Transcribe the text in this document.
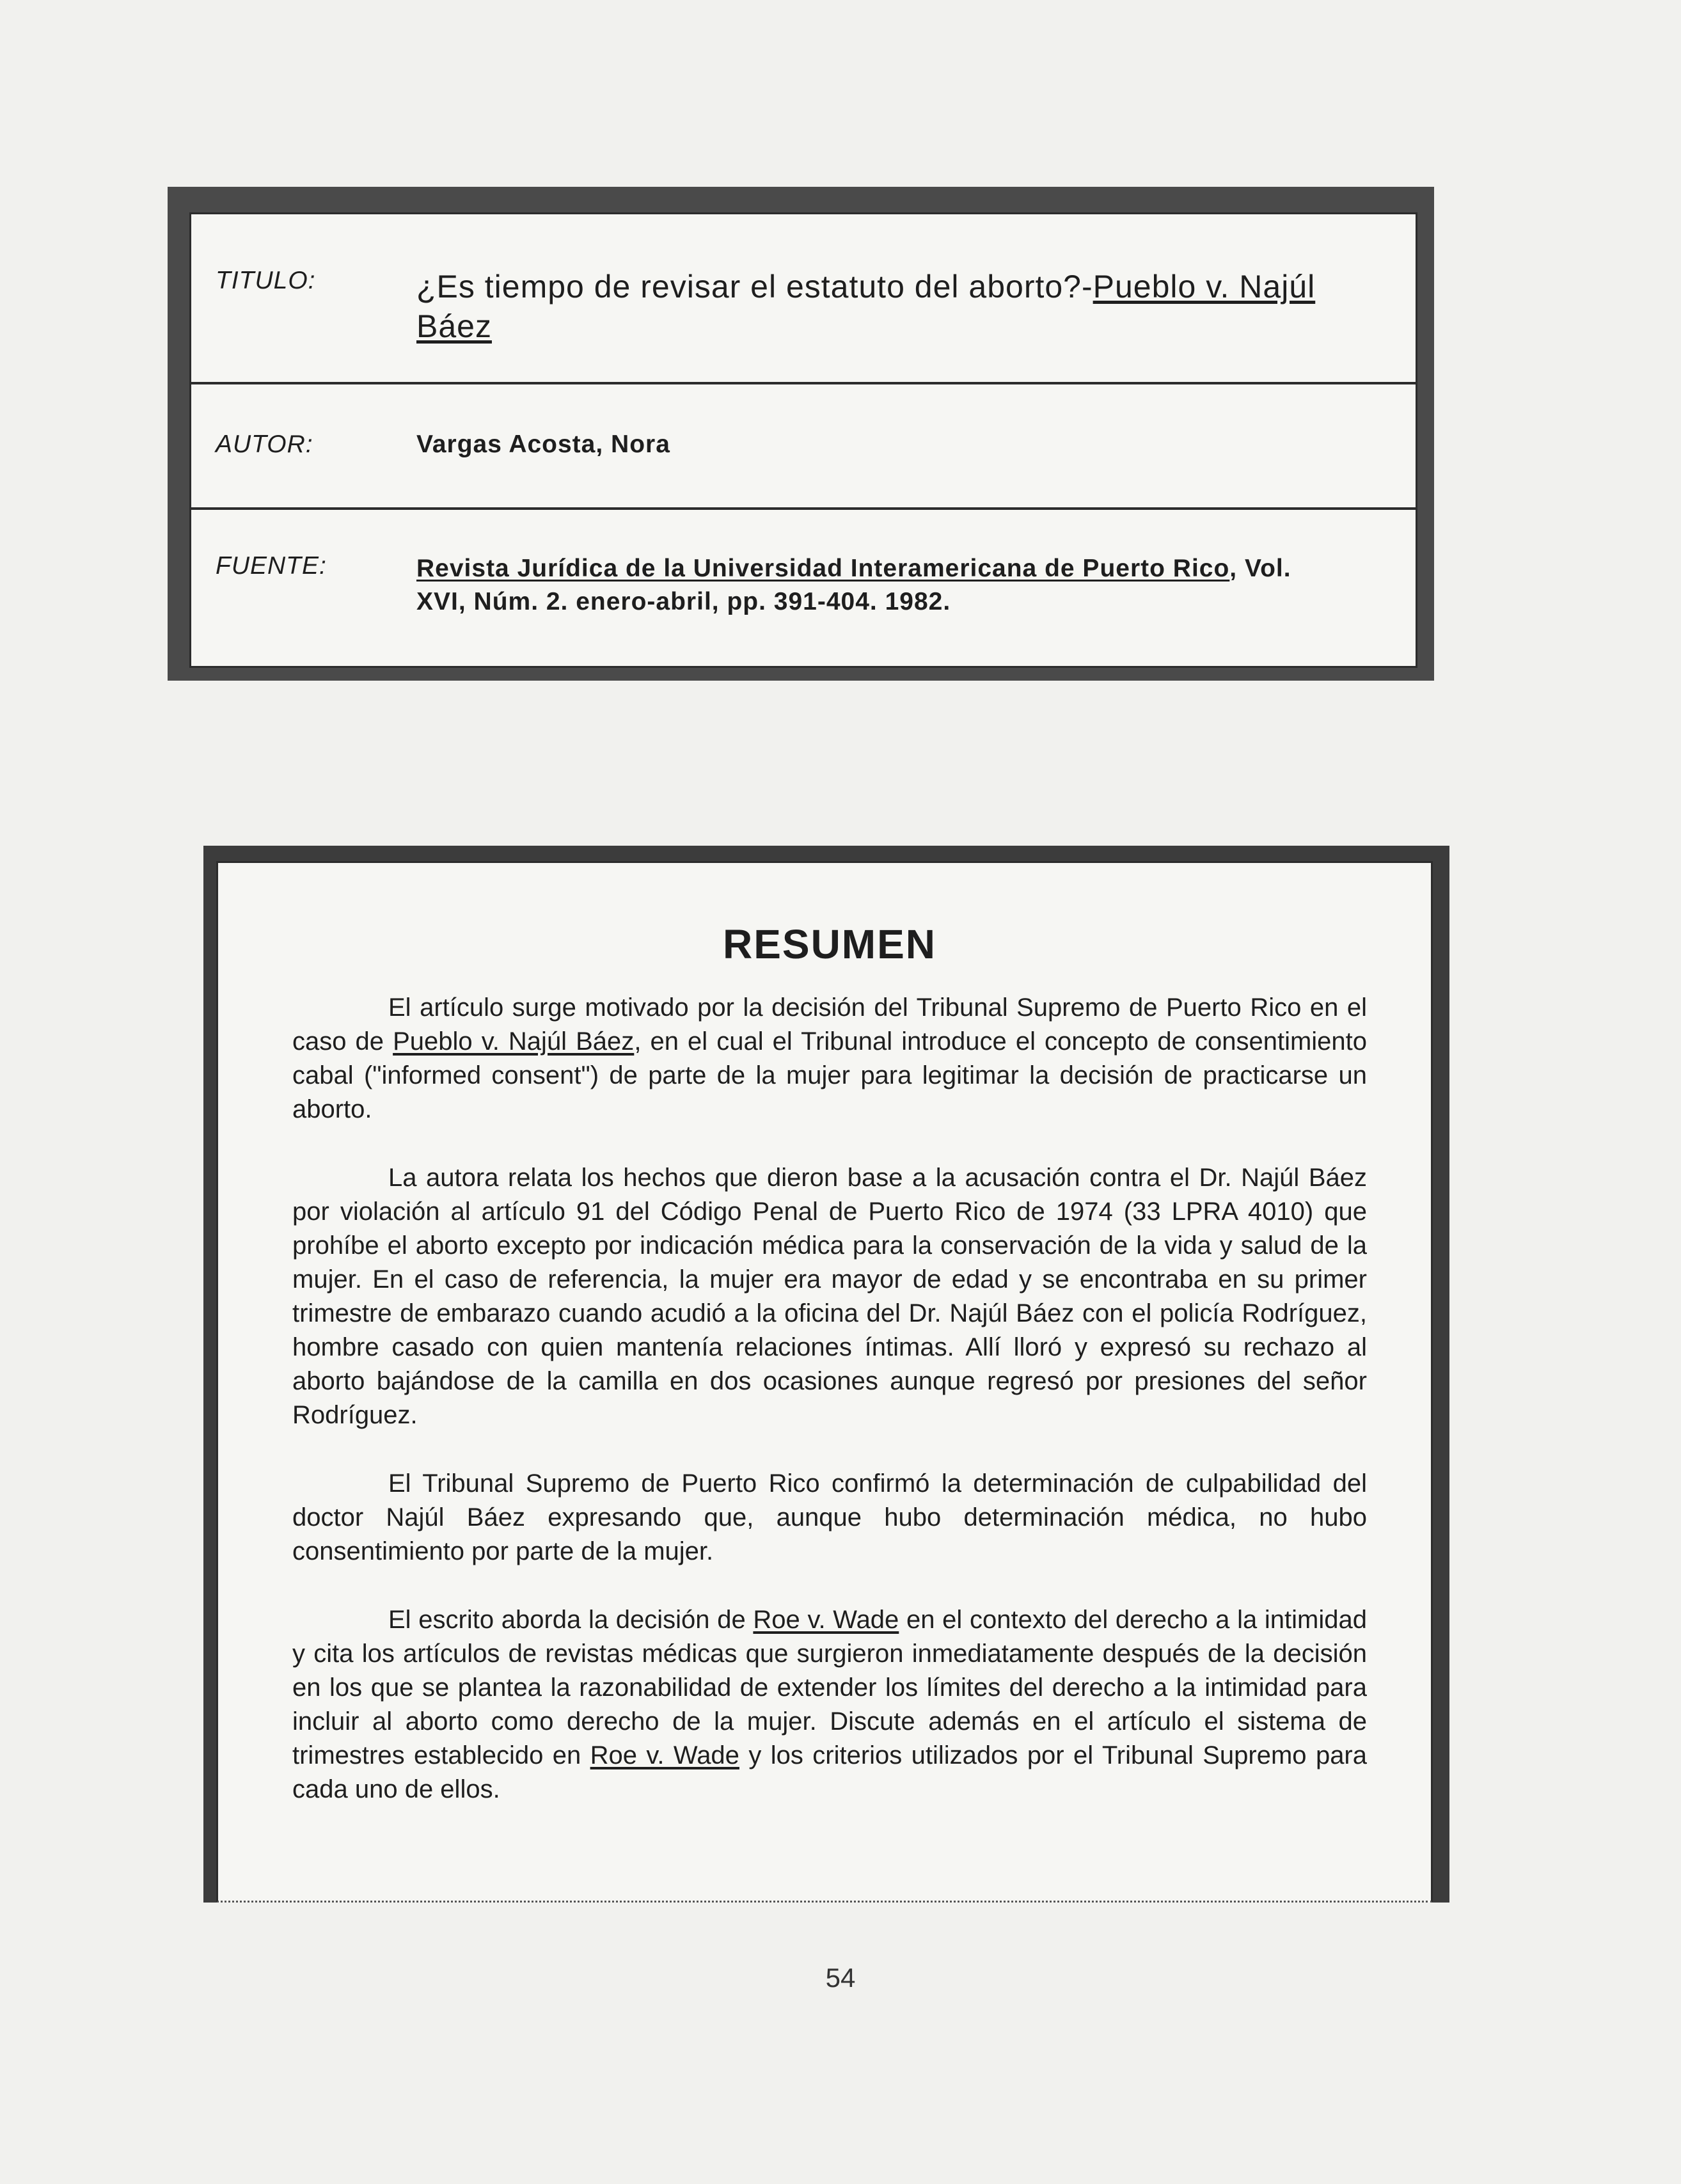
TITULO:	¿Es tiempo de revisar el estatuto del aborto?-Pueblo v. Najúl Báez
AUTOR:	Vargas Acosta, Nora
FUENTE:	Revista Jurídica de la Universidad Interamericana de Puerto Rico, Vol. XVI, Núm. 2. enero-abril, pp. 391-404. 1982.
RESUMEN

El artículo surge motivado por la decisión del Tribunal Supremo de Puerto Rico en el caso de Pueblo v. Najúl Báez, en el cual el Tribunal introduce el concepto de consentimiento cabal ("informed consent") de parte de la mujer para legitimar la decisión de practicarse un aborto.

La autora relata los hechos que dieron base a la acusación contra el Dr. Najúl Báez por violación al artículo 91 del Código Penal de Puerto Rico de 1974 (33 LPRA 4010) que prohíbe el aborto excepto por indicación médica para la conservación de la vida y salud de la mujer. En el caso de referencia, la mujer era mayor de edad y se encontraba en su primer trimestre de embarazo cuando acudió a la oficina del Dr. Najúl Báez con el policía Rodríguez, hombre casado con quien mantenía relaciones íntimas. Allí lloró y expresó su rechazo al aborto bajándose de la camilla en dos ocasiones aunque regresó por presiones del señor Rodríguez.

El Tribunal Supremo de Puerto Rico confirmó la determinación de culpabilidad del doctor Najúl Báez expresando que, aunque hubo determinación médica, no hubo consentimiento por parte de la mujer.

El escrito aborda la decisión de Roe v. Wade en el contexto del derecho a la intimidad y cita los artículos de revistas médicas que surgieron inmediatamente después de la decisión en los que se plantea la razonabilidad de extender los límites del derecho a la intimidad para incluir al aborto como derecho de la mujer. Discute además en el artículo el sistema de trimestres establecido en Roe v. Wade y los criterios utilizados por el Tribunal Supremo para cada uno de ellos.

54
